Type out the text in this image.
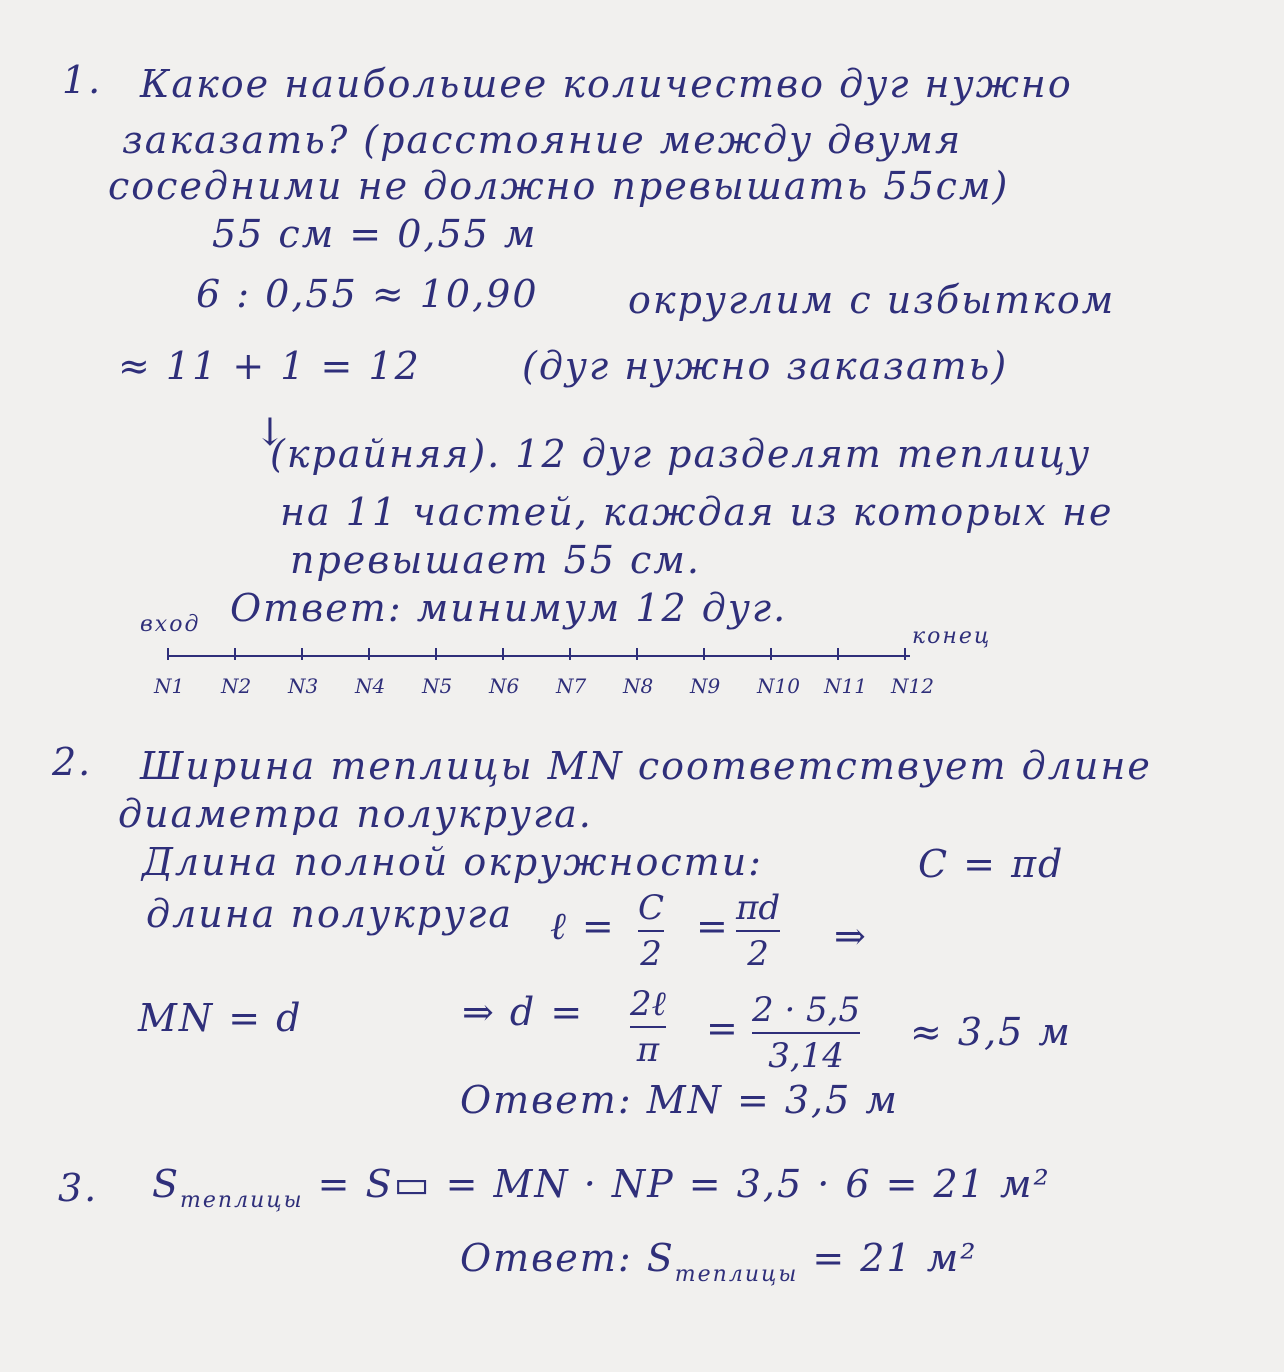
1. Какое наибольшее количество дуг нужно
заказать? (расстояние между двумя
соседними не должно превышать 55см)
55 см = 0,55 м
6 : 0,55 ≈ 10,90 округлим с избытком
≈ 11 + 1 = 12	(дуг нужно заказать)
↓
(крайняя). 12 дуг разделят теплицу
на 11 частей, каждая из которых не
превышает 55 см.
Ответ: минимум 12 дуг.
вход	конец
N1 N2 N3 N4 N5 N6 N7 N8 N9 N10 N11 N12
2. Ширина теплицы MN соответствует длине
диаметра полукруга.
Длина полной окружности:	C = πd
длина полукруга ℓ = C
2
= πd
2 ⇒
MN = d	⇒ d = 2ℓ
π = 2 · 5,5
3,14
≈ 3,5 м
Ответ: MN = 3,5 м
3. $S_{теплицы}$ = S▭ = MN · NP = 3,5 · 6 = 21 м²
Ответ: $S_{теплицы} = 21$ м²
